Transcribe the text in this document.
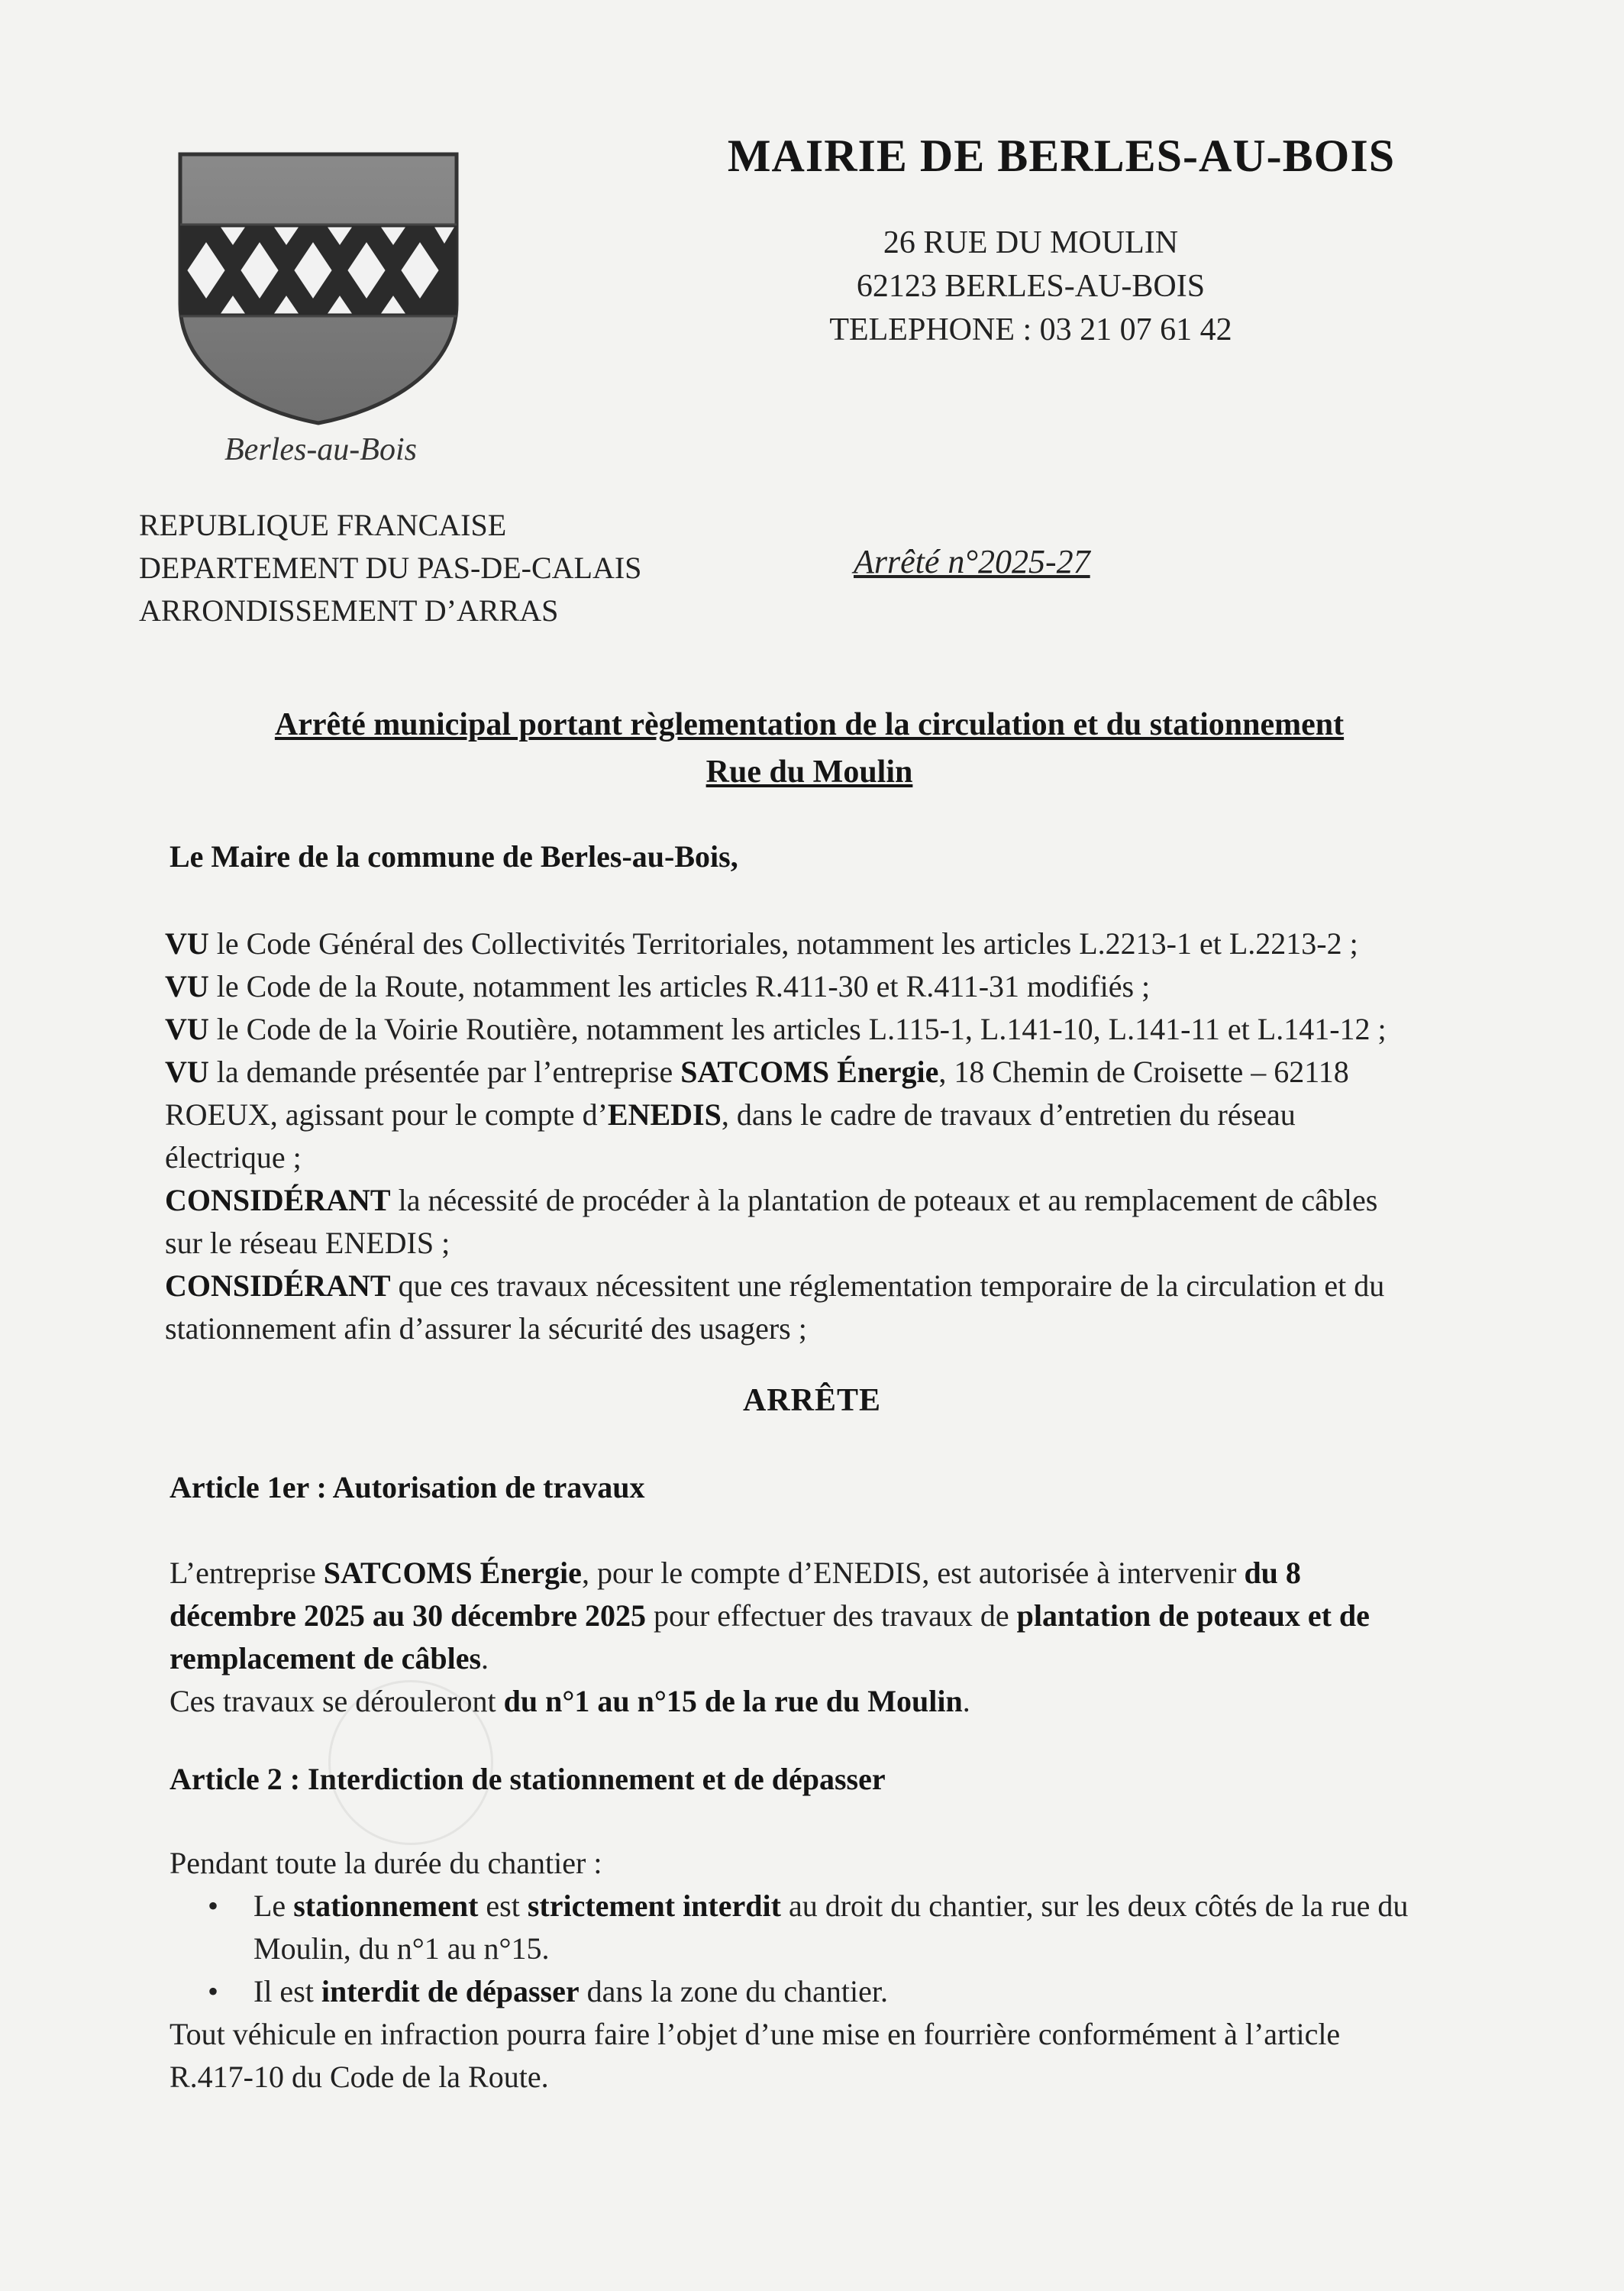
Berles-au-Bois
MAIRIE DE BERLES-AU-BOIS
26 RUE DU MOULIN
62123 BERLES-AU-BOIS
TELEPHONE : 03 21 07 61 42
REPUBLIQUE FRANCAISE
DEPARTEMENT DU PAS-DE-CALAIS
ARRONDISSEMENT D’ARRAS
Arrêté n°2025-27
Arrêté municipal portant règlementation de la circulation et du stationnement
Rue du Moulin
Le Maire de la commune de Berles-au-Bois,
VU le Code Général des Collectivités Territoriales, notamment les articles L.2213-1 et L.2213-2 ;
VU le Code de la Route, notamment les articles R.411-30 et R.411-31 modifiés ;
VU le Code de la Voirie Routière, notamment les articles L.115-1, L.141-10, L.141-11 et L.141-12 ;
VU la demande présentée par l’entreprise SATCOMS Énergie, 18 Chemin de Croisette – 62118
ROEUX, agissant pour le compte d’ENEDIS, dans le cadre de travaux d’entretien du réseau
électrique ;
CONSIDÉRANT la nécessité de procéder à la plantation de poteaux et au remplacement de câbles
sur le réseau ENEDIS ;
CONSIDÉRANT que ces travaux nécessitent une réglementation temporaire de la circulation et du
stationnement afin d’assurer la sécurité des usagers ;
ARRÊTE
Article 1er : Autorisation de travaux
L’entreprise SATCOMS Énergie, pour le compte d’ENEDIS, est autorisée à intervenir du 8
décembre 2025 au 30 décembre 2025 pour effectuer des travaux de plantation de poteaux et de
remplacement de câbles.
Ces travaux se dérouleront du n°1 au n°15 de la rue du Moulin.
Article 2 : Interdiction de stationnement et de dépasser
Pendant toute la durée du chantier :
• Le stationnement est strictement interdit au droit du chantier, sur les deux côtés de la rue du
Moulin, du n°1 au n°15.
• Il est interdit de dépasser dans la zone du chantier.
Tout véhicule en infraction pourra faire l’objet d’une mise en fourrière conformément à l’article
R.417-10 du Code de la Route.
